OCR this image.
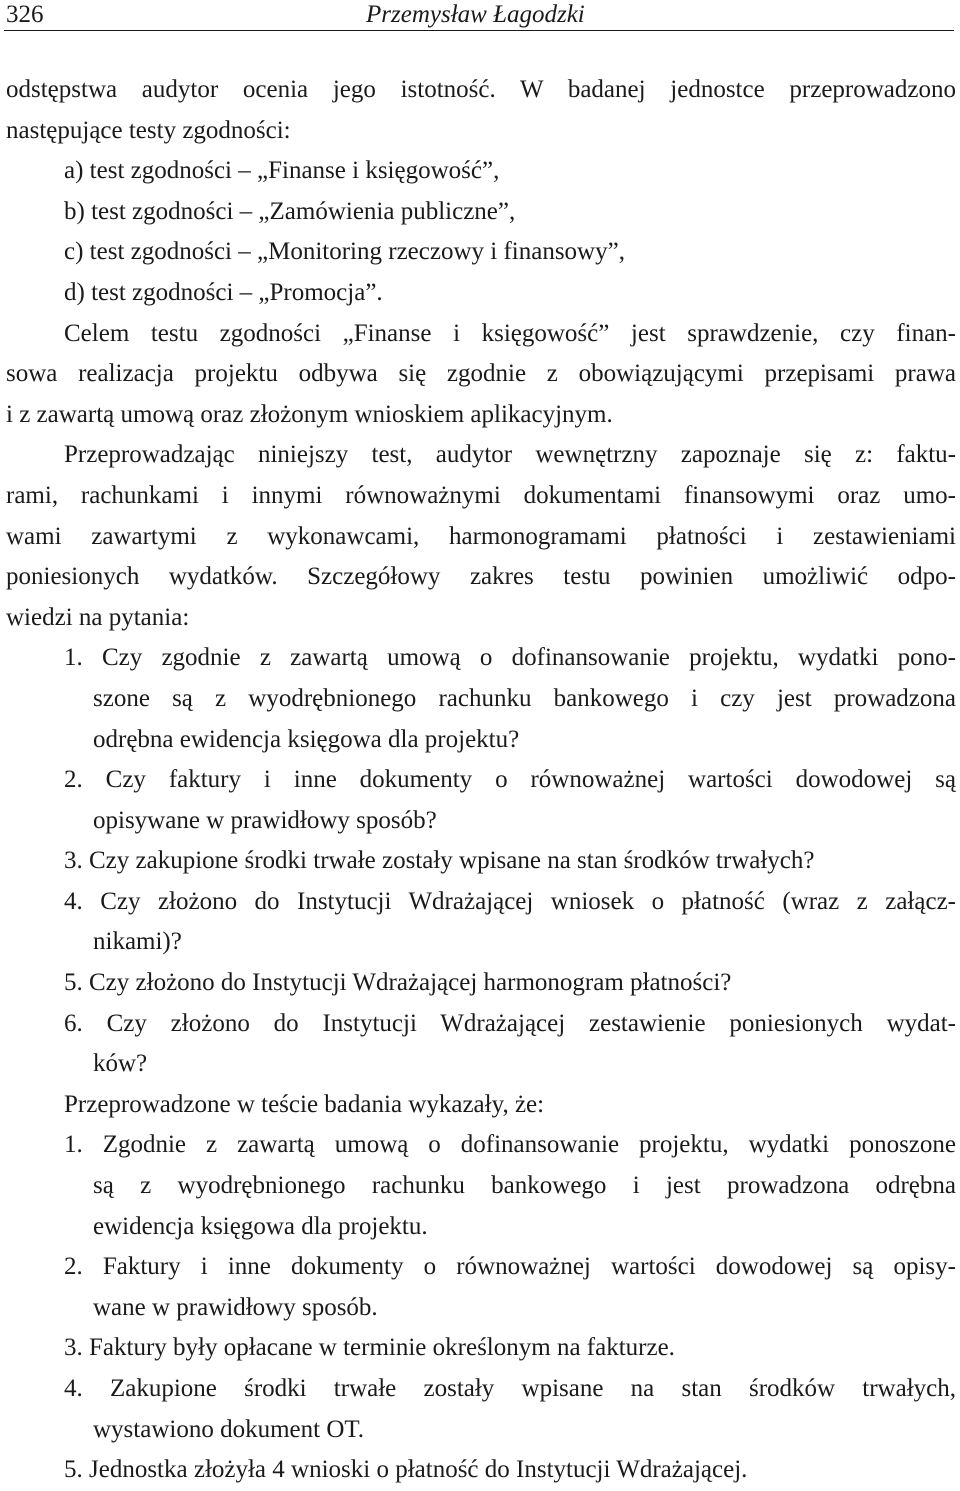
326	Przemysław Łagodzki
odstępstwa audytor ocenia jego istotność. W badanej jednostce przeprowadzono
następujące testy zgodności:
a) test zgodności – „Finanse i księgowość”,
b) test zgodności – „Zamówienia publiczne”,
c) test zgodności – „Monitoring rzeczowy i finansowy”,
d) test zgodności – „Promocja”.
Celem testu zgodności „Finanse i księgowość” jest sprawdzenie, czy finan-
sowa realizacja projektu odbywa się zgodnie z obowiązującymi przepisami prawa
i z zawartą umową oraz złożonym wnioskiem aplikacyjnym.
Przeprowadzając niniejszy test, audytor wewnętrzny zapoznaje się z: faktu-
rami, rachunkami i innymi równoważnymi dokumentami finansowymi oraz umo-
wami zawartymi z wykonawcami, harmonogramami płatności i zestawieniami
poniesionych wydatków. Szczegółowy zakres testu powinien umożliwić odpo-
wiedzi na pytania:
1. Czy zgodnie z zawartą umową o dofinansowanie projektu, wydatki pono-
szone są z wyodrębnionego rachunku bankowego i czy jest prowadzona
odrębna ewidencja księgowa dla projektu?
2. Czy faktury i inne dokumenty o równoważnej wartości dowodowej są
opisywane w prawidłowy sposób?
3. Czy zakupione środki trwałe zostały wpisane na stan środków trwałych?
4. Czy złożono do Instytucji Wdrażającej wniosek o płatność (wraz z załącz-
nikami)?
5. Czy złożono do Instytucji Wdrażającej harmonogram płatności?
6. Czy złożono do Instytucji Wdrażającej zestawienie poniesionych wydat-
ków?
Przeprowadzone w teście badania wykazały, że:
1. Zgodnie z zawartą umową o dofinansowanie projektu, wydatki ponoszone
są z wyodrębnionego rachunku bankowego i jest prowadzona odrębna
ewidencja księgowa dla projektu.
2. Faktury i inne dokumenty o równoważnej wartości dowodowej są opisy-
wane w prawidłowy sposób.
3. Faktury były opłacane w terminie określonym na fakturze.
4. Zakupione środki trwałe zostały wpisane na stan środków trwałych,
wystawiono dokument OT.
5. Jednostka złożyła 4 wnioski o płatność do Instytucji Wdrażającej.
